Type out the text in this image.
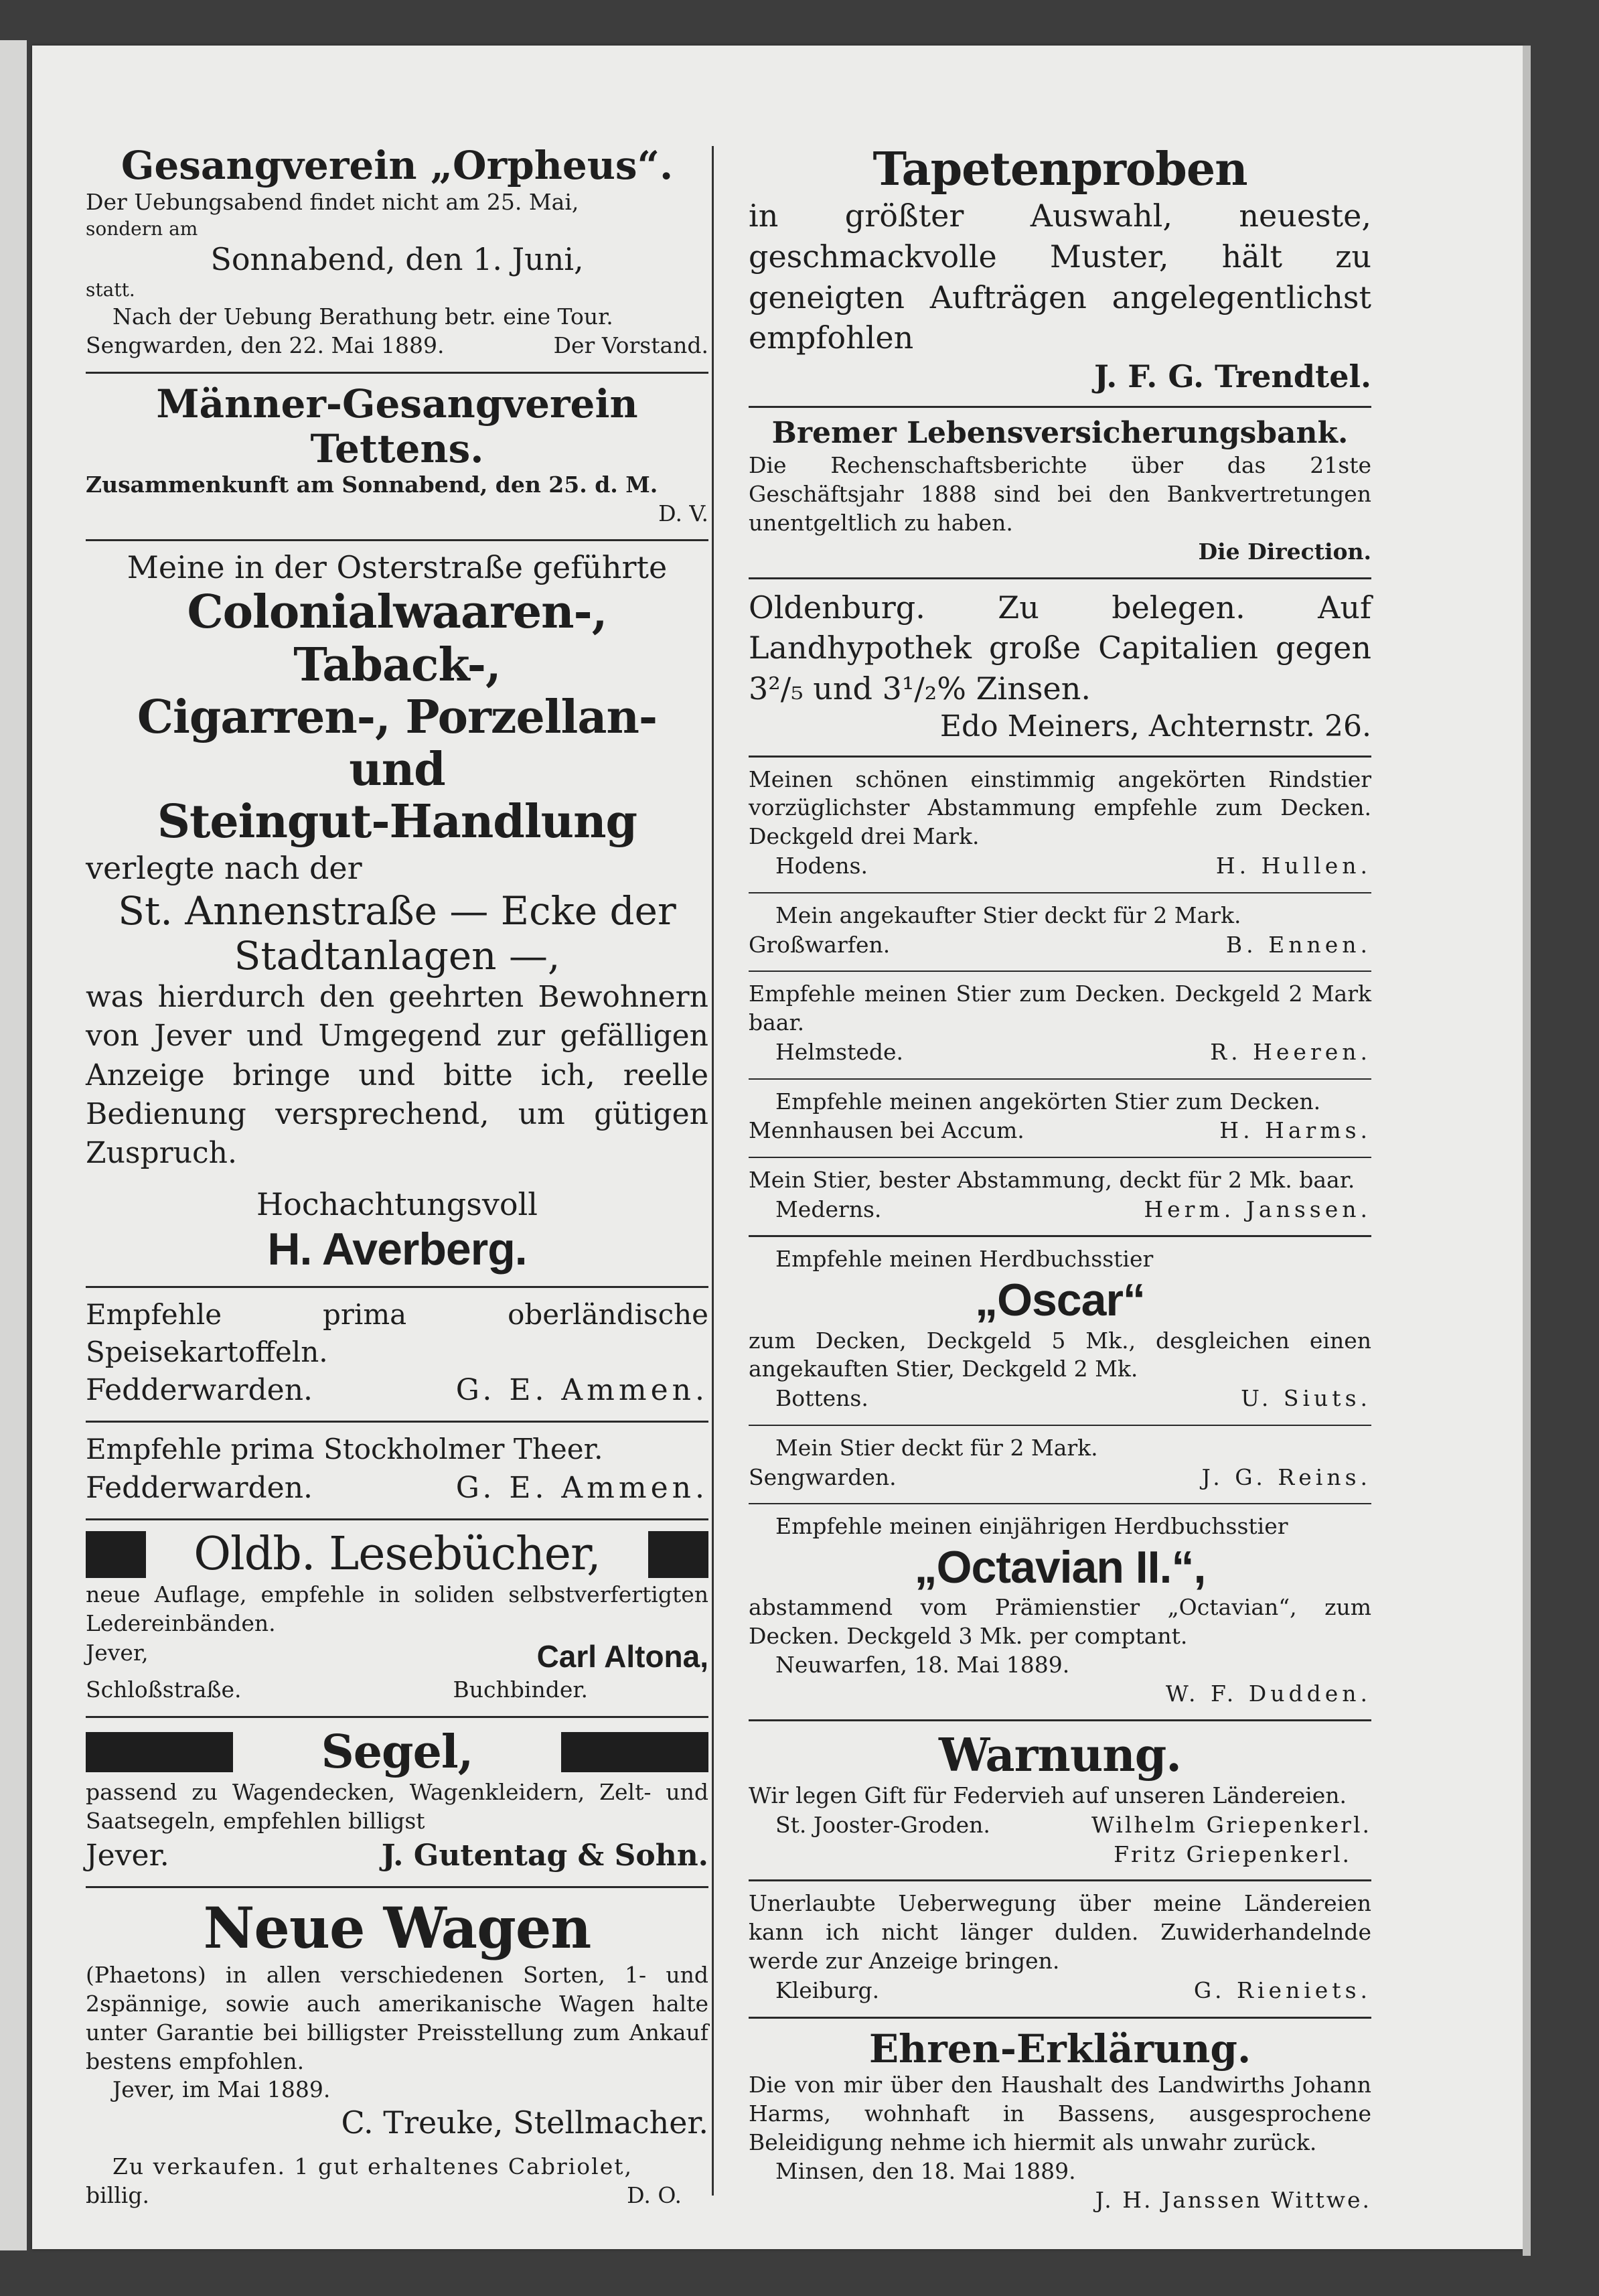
Gesangverein „Orpheus“.
Der Uebungsabend findet nicht am 25. Mai,
sondern am
Sonnabend, den 1. Juni,
statt.
Nach der Uebung Berathung betr. eine Tour.
Sengwarden, den 22. Mai 1889.	Der Vorstand.
Männer-Gesangverein Tettens.
Zusammenkunft am Sonnabend, den 25. d. M.
D. V.
Meine in der Osterstraße geführte
Colonialwaaren-, Taback-,
Cigarren-, Porzellan- und
Steingut-Handlung
verlegte nach der
St. Annenstraße — Ecke der
Stadtanlagen —,
was hierdurch den geehrten Bewohnern von Jever und Umgegend zur gefälligen Anzeige bringe und bitte ich, reelle Bedienung versprechend, um gütigen Zuspruch.
Hochachtungsvoll
H. Averberg.
Empfehle prima oberländische Speisekartoffeln.
Fedderwarden.	G. E. Ammen.
Empfehle prima Stockholmer Theer.
Fedderwarden.	G. E. Ammen.
Oldb. Lesebücher,
neue Auflage, empfehle in soliden selbstverfertigten Ledereinbänden.
Jever,	Carl Altona,
Schloßstraße.	Buchbinder.
Segel,
passend zu Wagendecken, Wagenkleidern, Zelt- und Saatsegeln, empfehlen billigst
Jever.	J. Gutentag & Sohn.
Neue Wagen
(Phaetons) in allen verschiedenen Sorten, 1- und 2spännige, sowie auch amerikanische Wagen halte unter Garantie bei billigster Preisstellung zum Ankauf bestens empfohlen.
Jever, im Mai 1889.
C. Treuke, Stellmacher.
Zu verkaufen. 1 gut erhaltenes Cabriolet,
billig.	D. O.
Tapetenproben
in größter Auswahl, neueste, geschmackvolle Muster, hält zu geneigten Aufträgen angelegentlichst empfohlen
J. F. G. Trendtel.
Bremer Lebensversicherungsbank.
Die Rechenschaftsberichte über das 21ste Geschäftsjahr 1888 sind bei den Bankvertretungen unentgeltlich zu haben.
Die Direction.
Oldenburg. Zu belegen. Auf Landhypothek große Capitalien gegen 3²/₅ und 3¹/₂% Zinsen.
Edo Meiners, Achternstr. 26.
Meinen schönen einstimmig angekörten Rindstier vorzüglichster Abstammung empfehle zum Decken. Deckgeld drei Mark.
Hodens.	H. Hullen.
Mein angekaufter Stier deckt für 2 Mark.
Großwarfen.	B. Ennen.
Empfehle meinen Stier zum Decken. Deckgeld 2 Mark baar.
Helmstede.	R. Heeren.
Empfehle meinen angekörten Stier zum Decken.
Mennhausen bei Accum.	H. Harms.
Mein Stier, bester Abstammung, deckt für 2 Mk. baar.
Mederns.	Herm. Janssen.
Empfehle meinen Herdbuchsstier
„Oscar“
zum Decken, Deckgeld 5 Mk., desgleichen einen angekauften Stier, Deckgeld 2 Mk.
Bottens.	U. Siuts.
Mein Stier deckt für 2 Mark.
Sengwarden.	J. G. Reins.
Empfehle meinen einjährigen Herdbuchsstier
„Octavian II.“,
abstammend vom Prämienstier „Octavian“, zum Decken. Deckgeld 3 Mk. per comptant.
Neuwarfen, 18. Mai 1889.
W. F. Dudden.
Warnung.
Wir legen Gift für Federvieh auf unseren Ländereien.
St. Jooster-Groden.	Wilhelm Griepenkerl.
Fritz Griepenkerl.
Unerlaubte Ueberwegung über meine Ländereien kann ich nicht länger dulden. Zuwiderhandelnde werde zur Anzeige bringen.
Kleiburg.	G. Rieniets.
Ehren-Erklärung.
Die von mir über den Haushalt des Landwirths Johann Harms, wohnhaft in Bassens, ausgesprochene Beleidigung nehme ich hiermit als unwahr zurück.
Minsen, den 18. Mai 1889.
J. H. Janssen Wittwe.
